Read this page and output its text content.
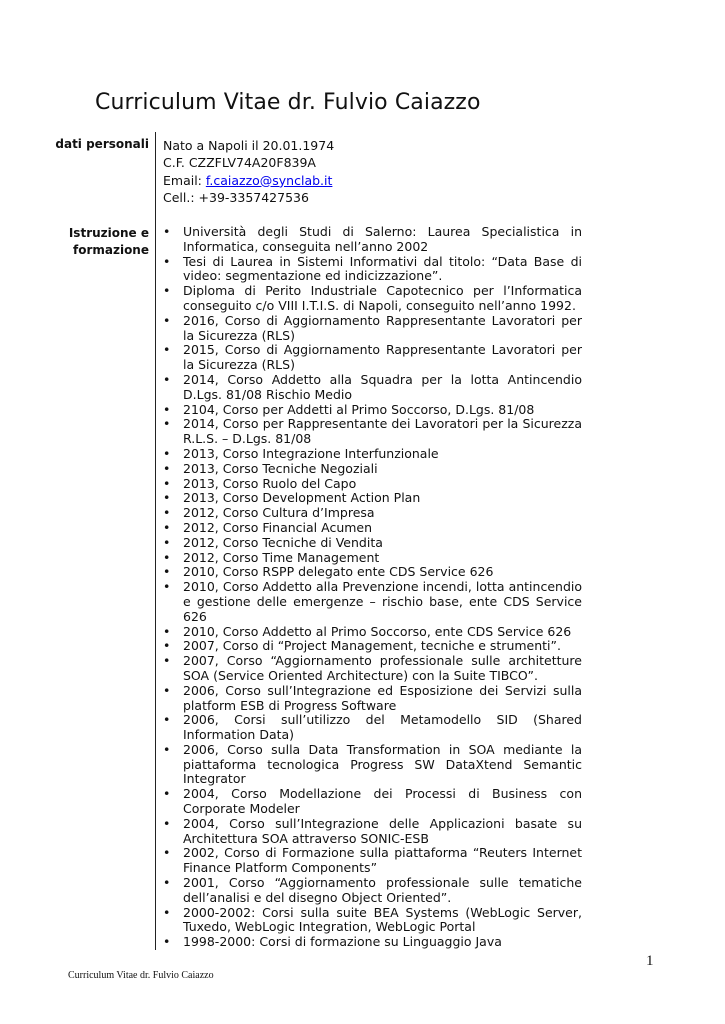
Curriculum Vitae dr. Fulvio Caiazzo
dati personali Nato a Napoli il 20.01.1974
C.F. CZZFLV74A20F839A
Email: f.caiazzo@synclab.it
Cell.: +39-3357427536
Istruzione e
formazione
• Università degli Studi di Salerno: Laurea Specialistica in Informatica, conseguita nell’anno 2002
• Tesi di Laurea in Sistemi Informativi dal titolo: “Data Base di video: segmentazione ed indicizzazione”.
• Diploma di Perito Industriale Capotecnico per l’Informatica conseguito c/o VIII I.T.I.S. di Napoli, conseguito nell’anno 1992.
• 2016, Corso di Aggiornamento Rappresentante Lavoratori per la Sicurezza (RLS)
• 2015, Corso di Aggiornamento Rappresentante Lavoratori per la Sicurezza (RLS)
• 2014, Corso Addetto alla Squadra per la lotta Antincendio D.Lgs. 81/08 Rischio Medio
• 2104, Corso per Addetti al Primo Soccorso, D.Lgs. 81/08
• 2014, Corso per Rappresentante dei Lavoratori per la Sicurezza R.L.S. – D.Lgs. 81/08
• 2013, Corso Integrazione Interfunzionale
• 2013, Corso Tecniche Negoziali
• 2013, Corso Ruolo del Capo
• 2013, Corso Development Action Plan
• 2012, Corso Cultura d’Impresa
• 2012, Corso Financial Acumen
• 2012, Corso Tecniche di Vendita
• 2012, Corso Time Management
• 2010, Corso RSPP delegato ente CDS Service 626
• 2010, Corso Addetto alla Prevenzione incendi, lotta antincendio e gestione delle emergenze – rischio base, ente CDS Service 626
• 2010, Corso Addetto al Primo Soccorso, ente CDS Service 626
• 2007, Corso di “Project Management, tecniche e strumenti”.
• 2007, Corso “Aggiornamento professionale sulle architetture SOA (Service Oriented Architecture) con la Suite TIBCO”.
• 2006, Corso sull’Integrazione ed Esposizione dei Servizi sulla platform ESB di Progress Software
• 2006, Corsi sull’utilizzo del Metamodello SID (Shared Information Data)
• 2006, Corso sulla Data Transformation in SOA mediante la piattaforma tecnologica Progress SW DataXtend Semantic Integrator
• 2004, Corso Modellazione dei Processi di Business con Corporate Modeler
• 2004, Corso sull’Integrazione delle Applicazioni basate su Architettura SOA attraverso SONIC-ESB
• 2002, Corso di Formazione sulla piattaforma “Reuters Internet Finance Platform Components”
• 2001, Corso “Aggiornamento professionale sulle tematiche dell’analisi e del disegno Object Oriented”.
• 2000-2002: Corsi sulla suite BEA Systems (WebLogic Server, Tuxedo, WebLogic Integration, WebLogic Portal
• 1998-2000: Corsi di formazione su Linguaggio Java
1
Curriculum Vitae dr. Fulvio Caiazzo
